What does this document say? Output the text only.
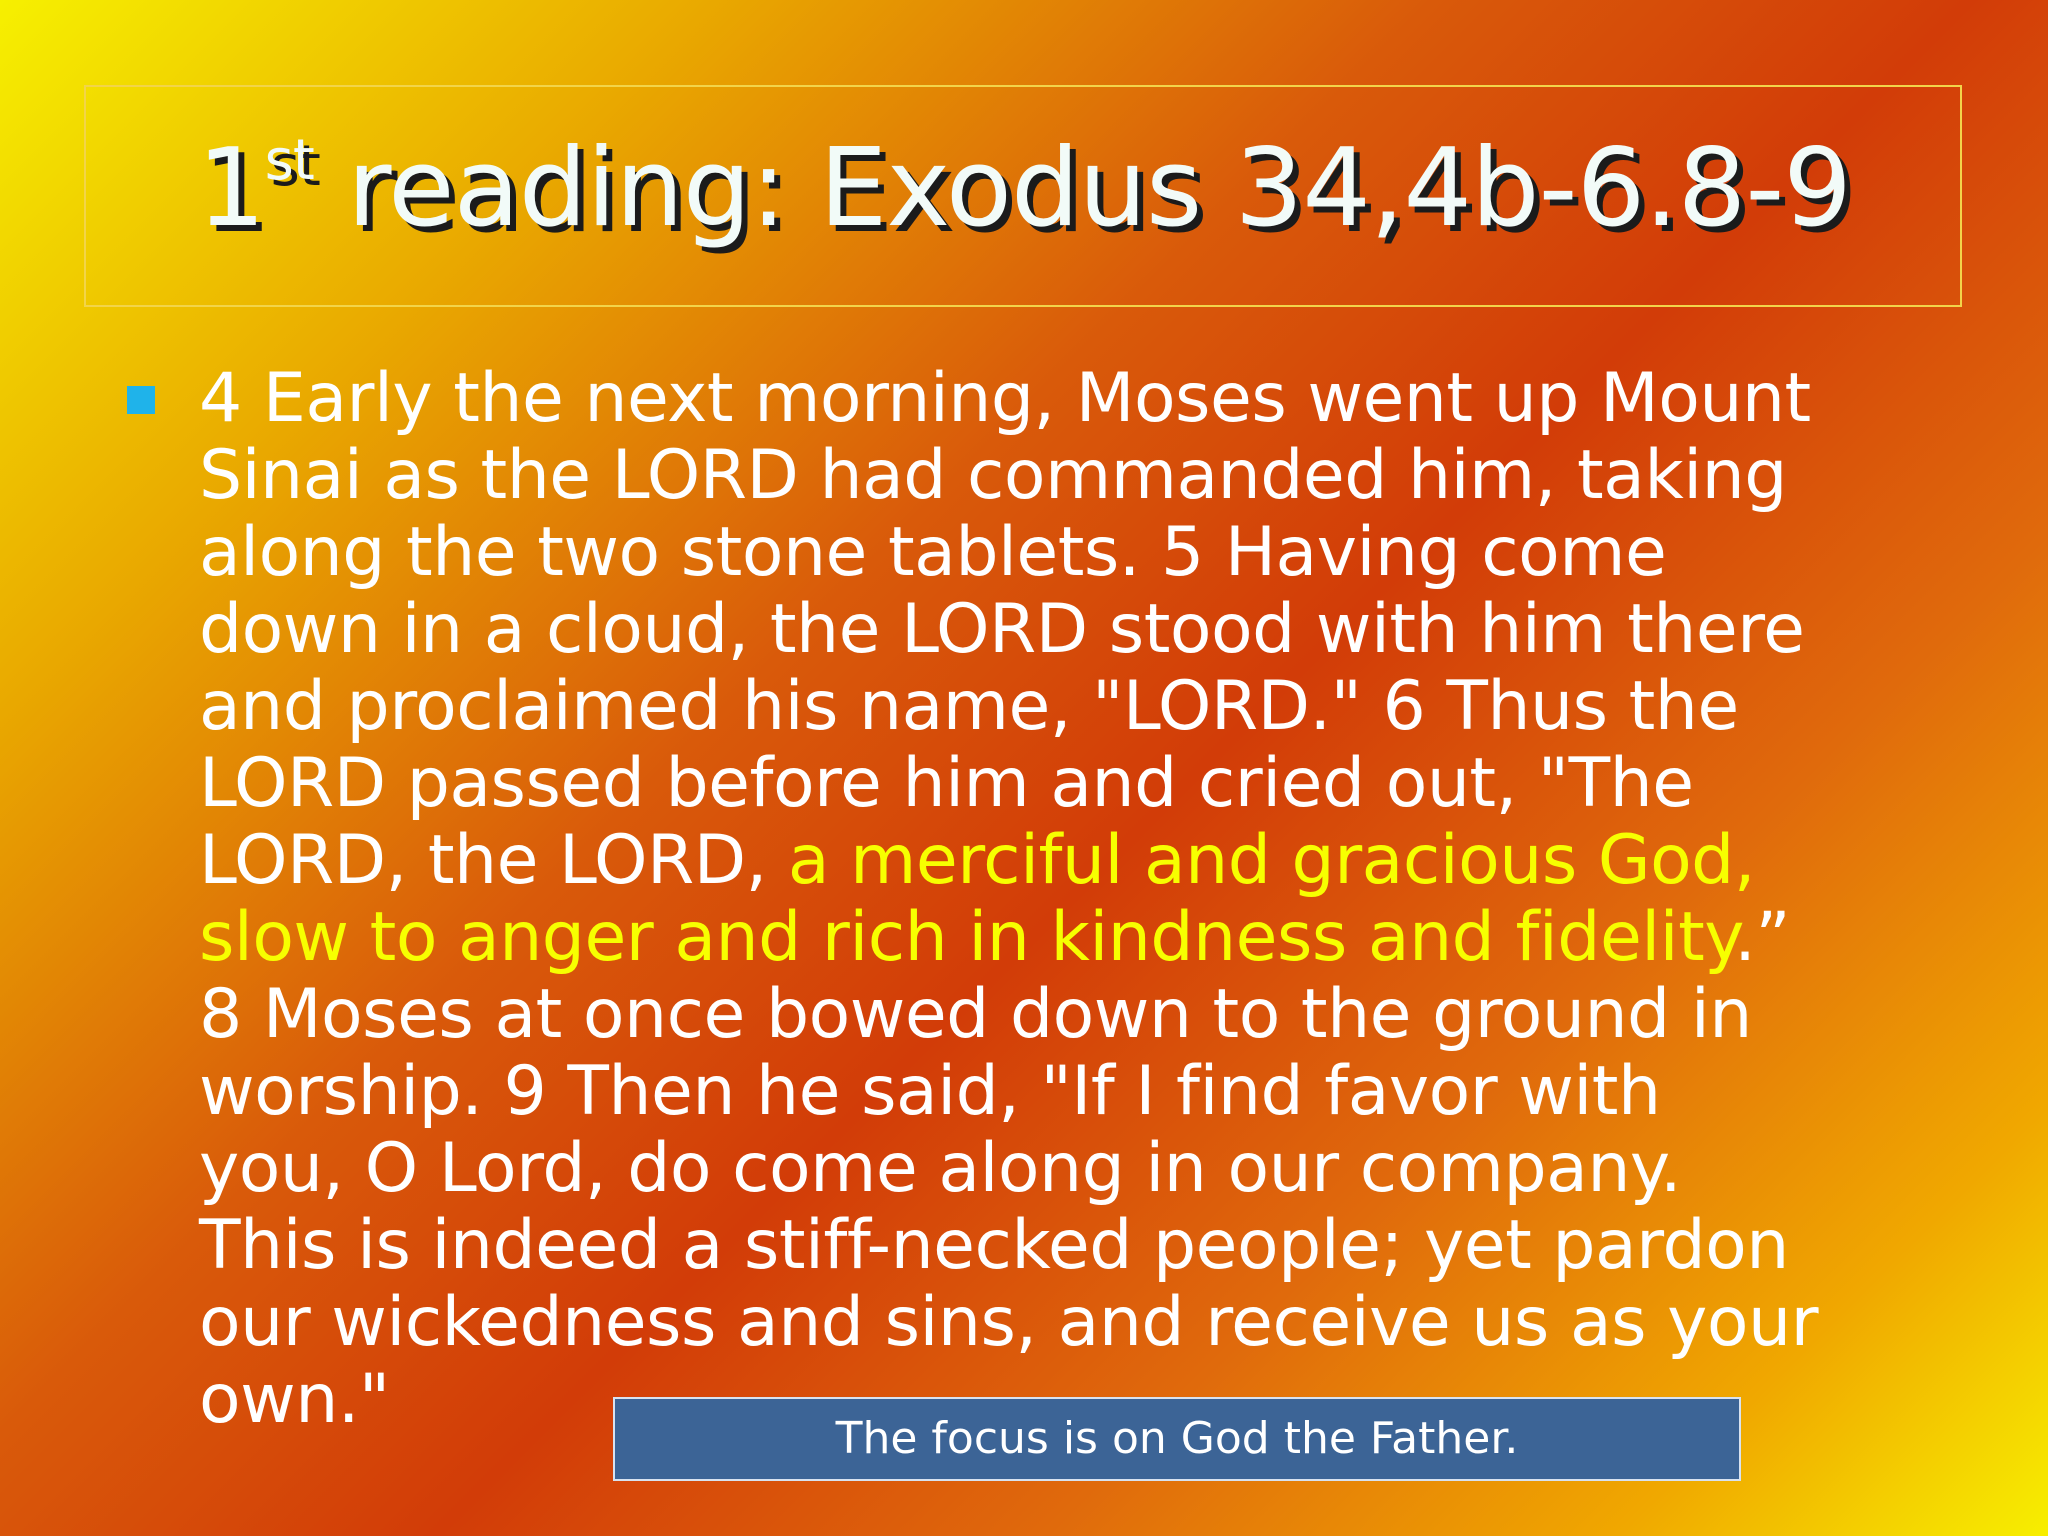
1st reading: Exodus 34,4b-6.8-9
4 Early the next morning, Moses went up Mount
Sinai as the LORD had commanded him, taking
along the two stone tablets. 5 Having come
down in a cloud, the LORD stood with him there
and proclaimed his name, "LORD." 6 Thus the
LORD passed before him and cried out, "The
LORD, the LORD, a merciful and gracious God,
slow to anger and rich in kindness and fidelity.”
8 Moses at once bowed down to the ground in
worship. 9 Then he said, "If I find favor with
you, O Lord, do come along in our company.
This is indeed a stiff-necked people; yet pardon
our wickedness and sins, and receive us as your
own."	The focus is on God the Father.
